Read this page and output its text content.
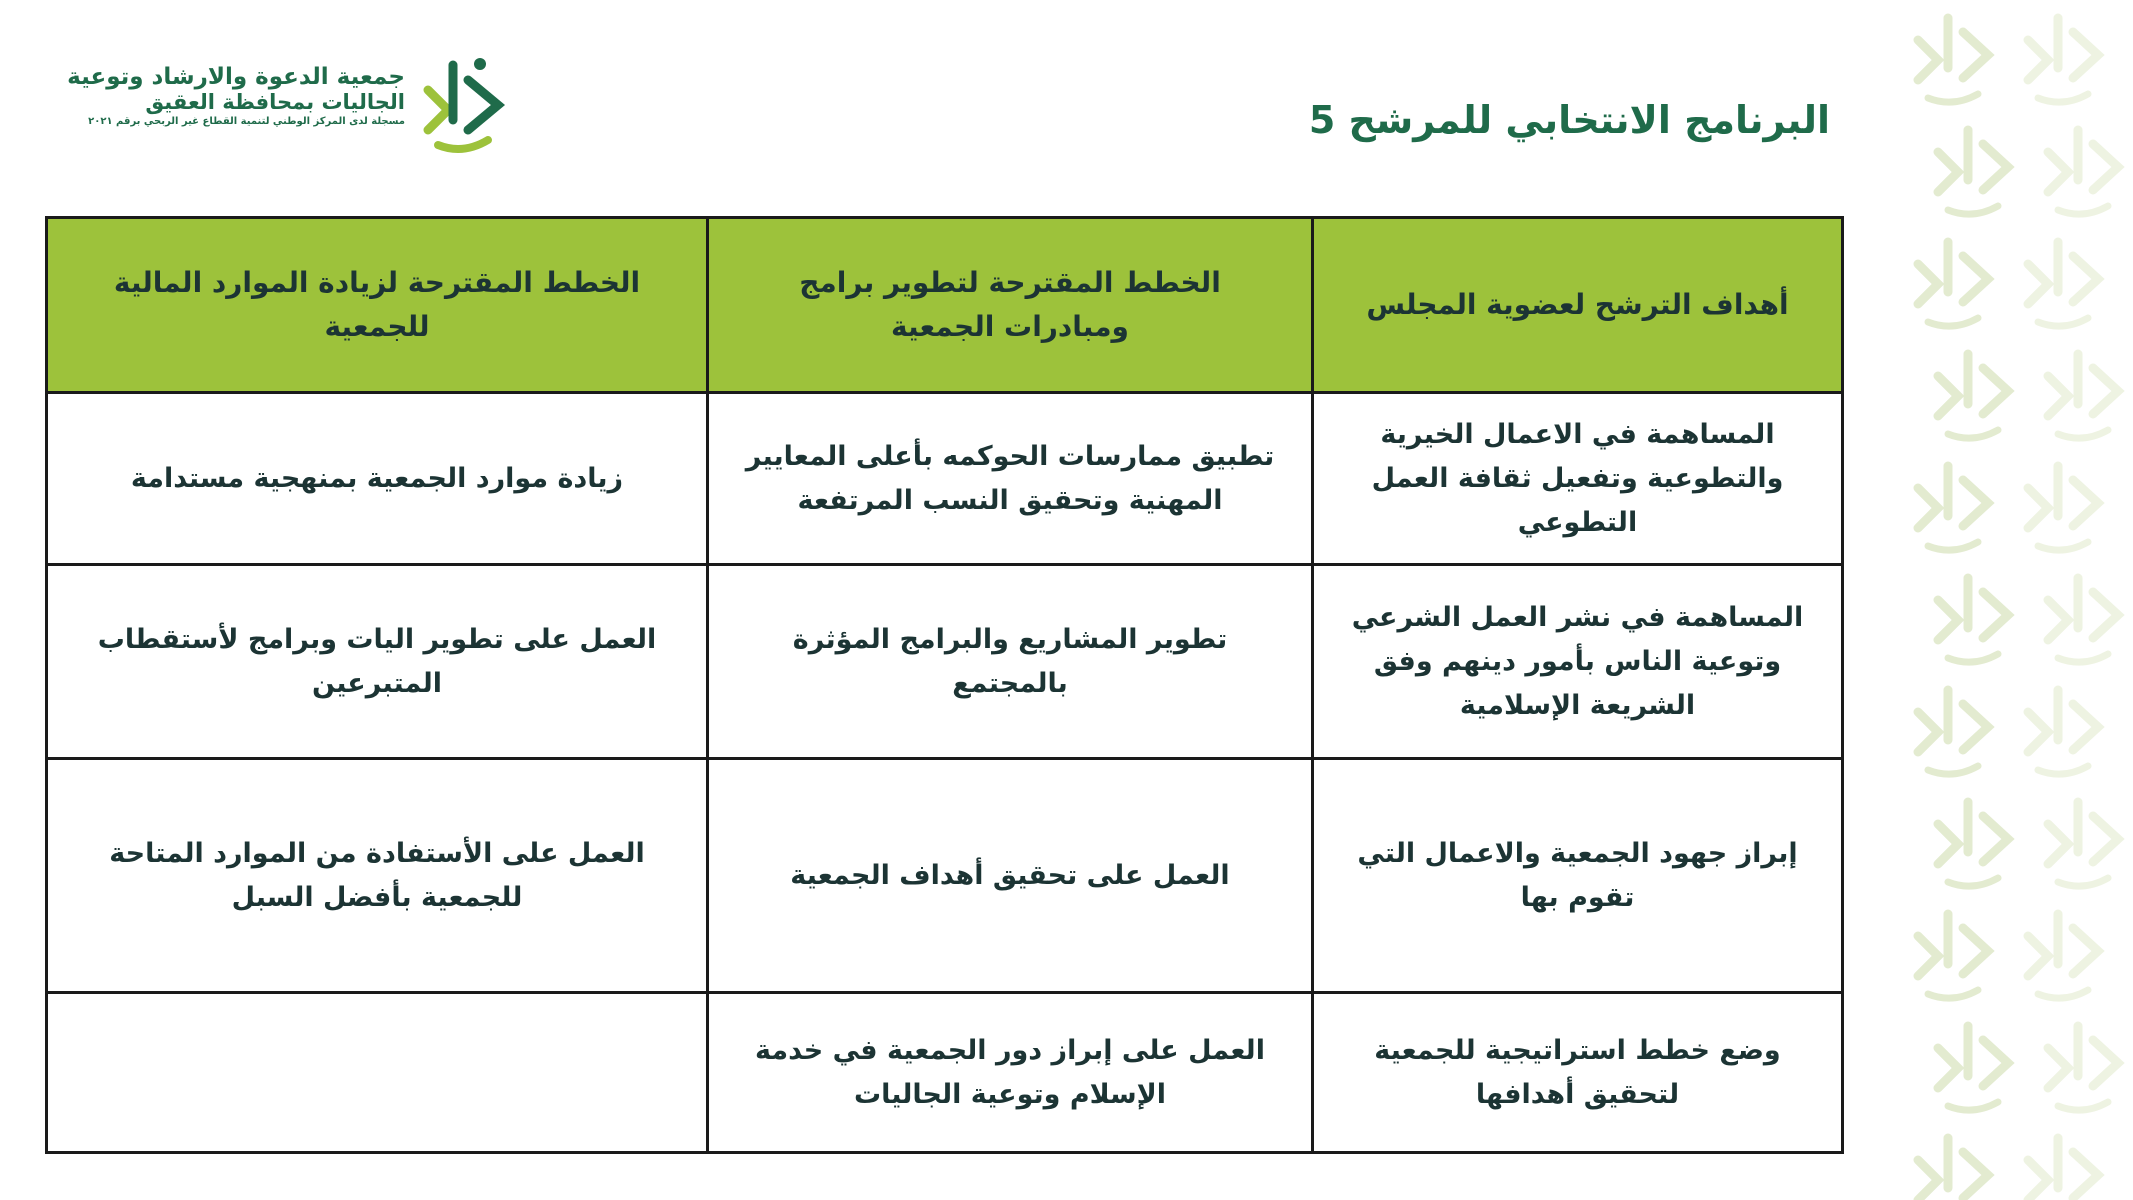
جمعية الدعوة والارشاد وتوعية
الجاليات بمحافظة العقيق
مسجلة لدى المركز الوطني لتنمية القطاع غير الربحي برقم ٢٠٢١	البرنامج الانتخابي للمرشح 5
أهداف الترشح لعضوية المجلس	الخطط المقترحة لتطوير برامج ومبادرات الجمعية	الخطط المقترحة لزيادة الموارد المالية للجمعية
المساهمة في الاعمال الخيرية والتطوعية وتفعيل ثقافة العمل التطوعي	تطبيق ممارسات الحوكمه بأعلى المعايير المهنية وتحقيق النسب المرتفعة	زيادة موارد الجمعية بمنهجية مستدامة
المساهمة في نشر العمل الشرعي وتوعية الناس بأمور دينهم وفق الشريعة الإسلامية	تطوير المشاريع والبرامج المؤثرة بالمجتمع	العمل على تطوير اليات وبرامج لأستقطاب المتبرعين
إبراز جهود الجمعية والاعمال التي تقوم بها	العمل على تحقيق أهداف الجمعية	العمل على الأستفادة من الموارد المتاحة للجمعية بأفضل السبل
وضع خطط استراتيجية للجمعية لتحقيق أهدافها	العمل على إبراز دور الجمعية في خدمة الإسلام وتوعية الجاليات	
